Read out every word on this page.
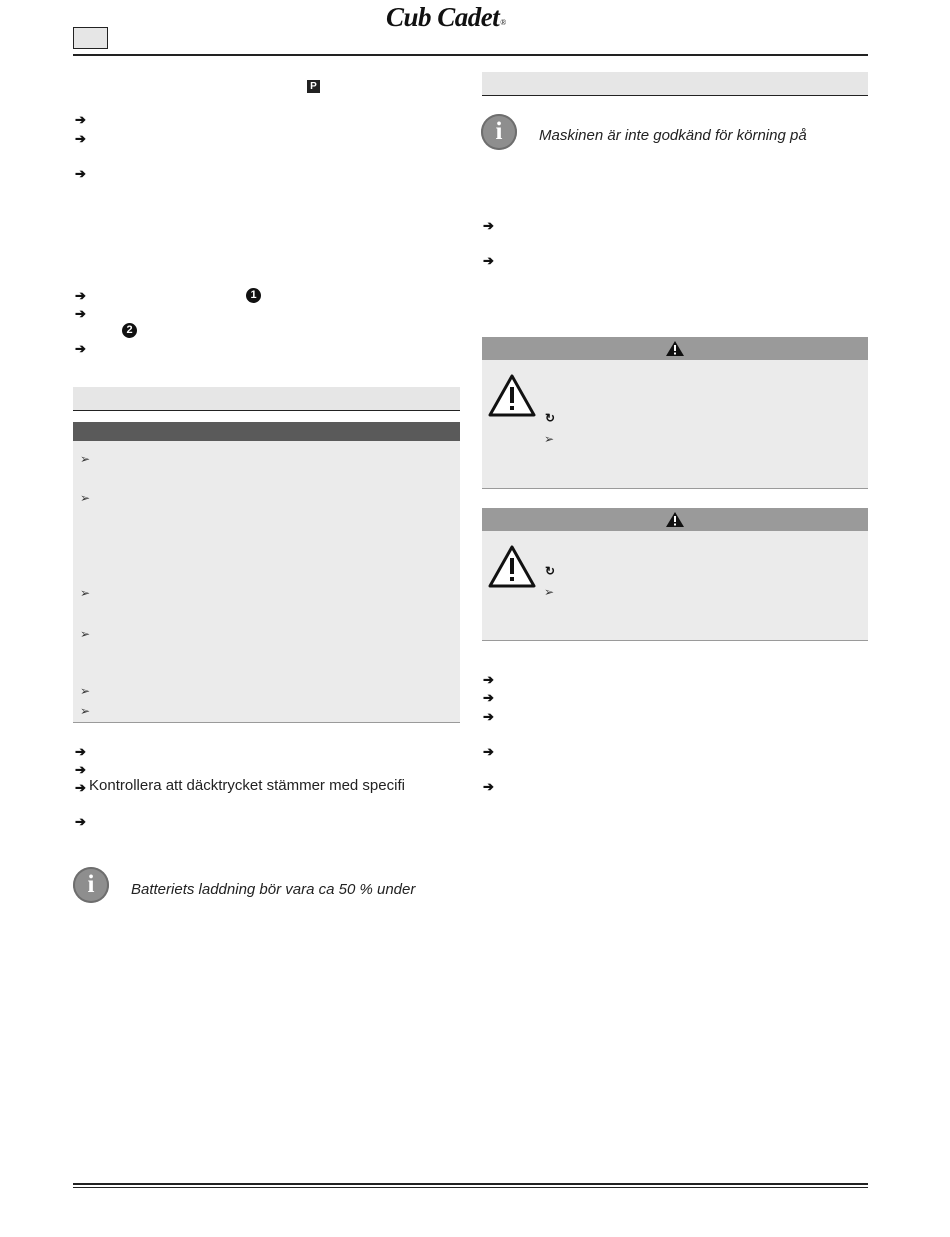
Cub Cadet®
P
➔
➔
➔
➔	1
➔
2
➔
➢
➢
➢
➢
➢
➢
➔
➔
➔ Kontrollera att däcktrycket stämmer med specifi
➔
i	Batteriets laddning bör vara ca 50 % under
i	Maskinen är inte godkänd för körning på
➔
➔
↻
➢
↻
➢
➔
➔
➔
➔
➔
